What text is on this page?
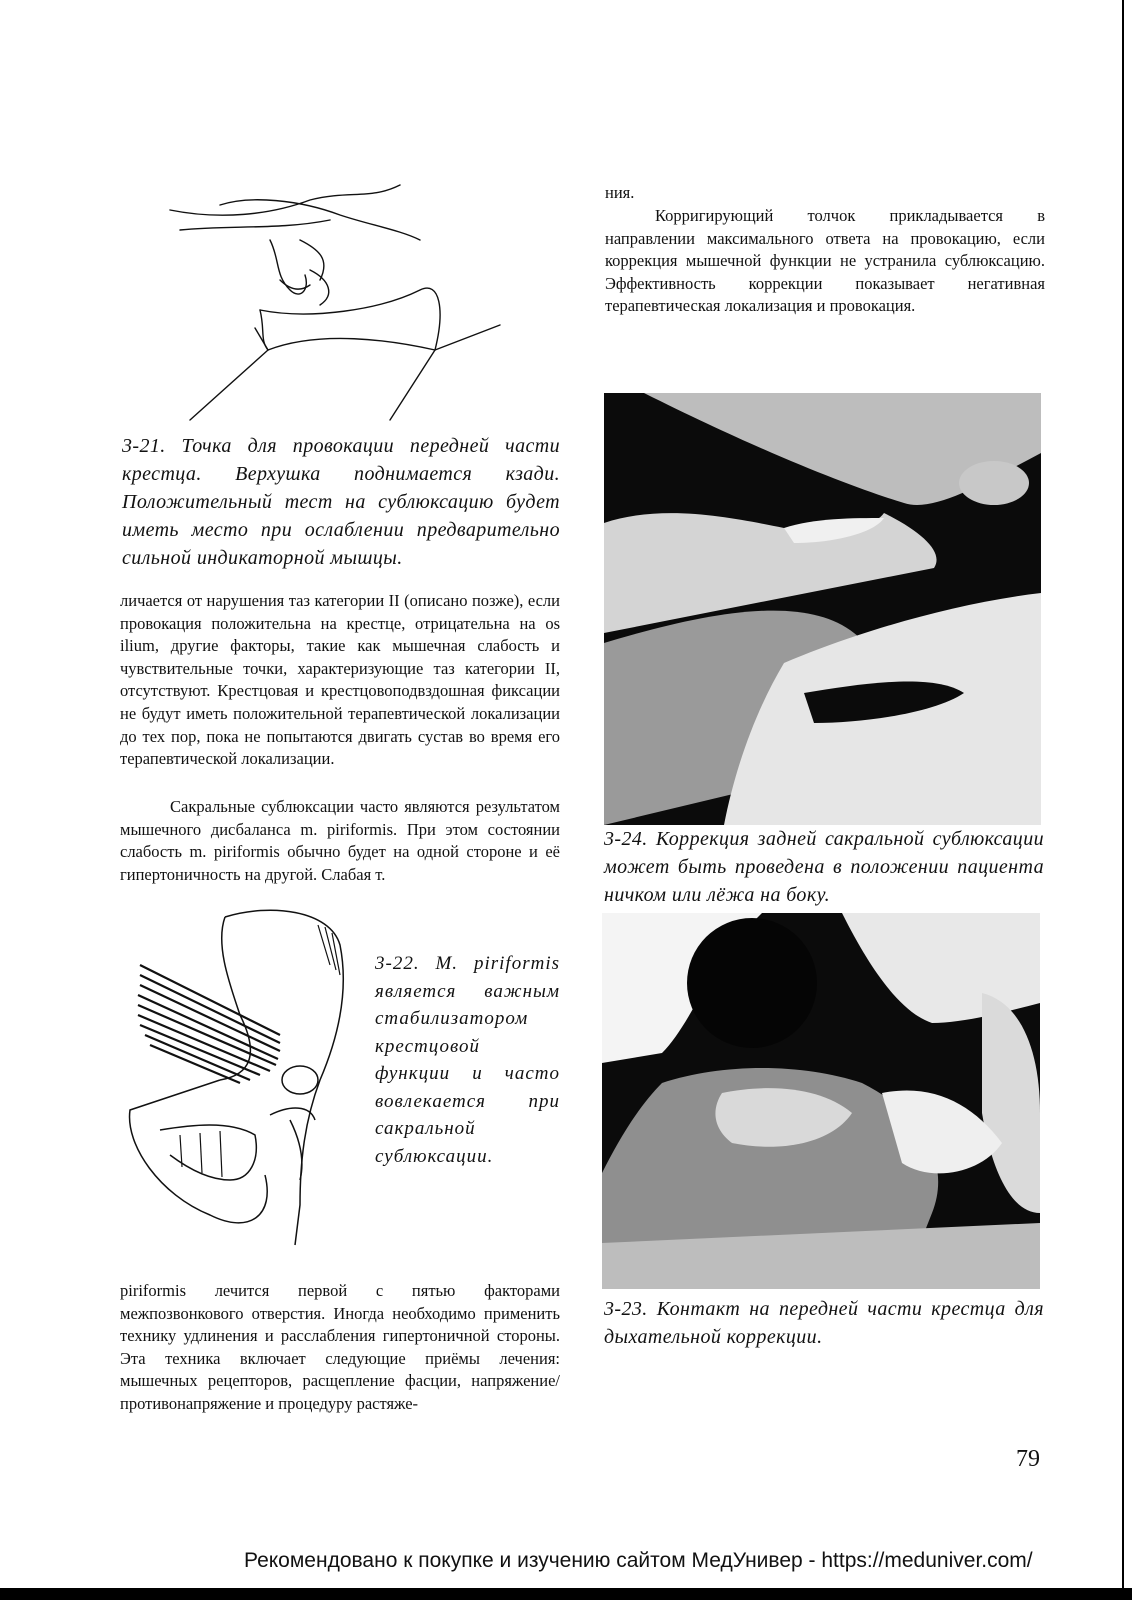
3-21. Точка для провокации передней части крестца. Верхушка поднимается кзади. Положительный тест на сублюксацию будет иметь место при ослаблении предварительно сильной индикаторной мышцы.

личается от нарушения таз категории II (описано позже), если провокация положительна на крестце, отрицательна на os ilium, другие факторы, такие как мышечная слабость и чувствительные точки, характеризующие таз категории II, отсутствуют. Крестцовая и крестцовоподвздошная фиксации не будут иметь положительной терапевтической локализации до тех пор, пока не попытаются двигать сустав во время его терапевтической локализации.

Сакральные сублюксации часто являются результатом мышечного дисбаланса m. piriformis. При этом состоянии слабость m. piriformis обычно будет на одной стороне и её гипертоничность на другой. Слабая т.

3-22. M. piriformis является важным стабилизатором крестцовой функции и часто вовлекается при сакральной сублюксации.

piriformis лечится первой с пятью факторами межпозвонкового отверстия. Иногда необходимо применить технику удлинения и расслабления гипертоничной стороны. Эта техника включает следующие приёмы лечения: мышечных рецепторов, расщепление фасции, напряжение/противонапряжение и процедуру растяже-

ния.

Корригирующий толчок прикладывается в направлении максимального ответа на провокацию, если коррекция мышечной функции не устранила сублюксацию. Эффективность коррекции показывает негативная терапевтическая локализация и провокация.

3-24. Коррекция задней сакральной сублюксации может быть проведена в положении пациента ничком или лёжа на боку.
3-23. Контакт на передней части крестца для дыхательной коррекции.
79
Рекомендовано к покупке и изучению сайтом МедУнивер - https://meduniver.com/
